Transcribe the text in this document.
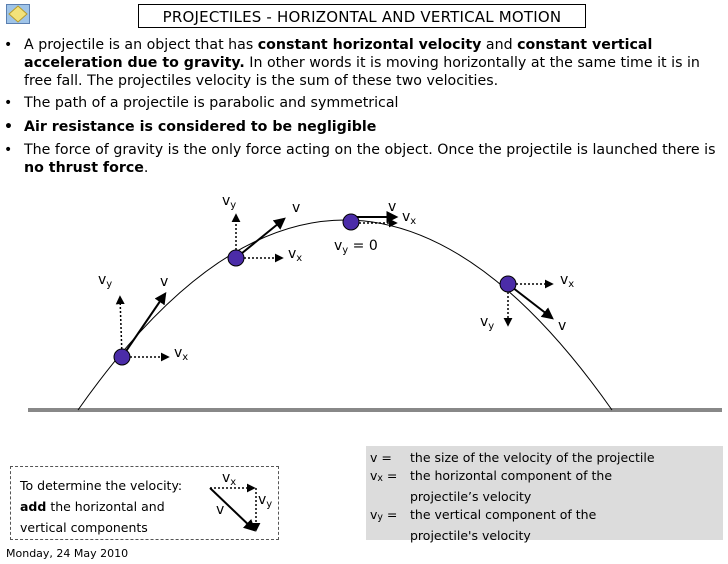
PROJECTILES - HORIZONTAL AND VERTICAL MOTION
• A projectile is an object that has constant horizontal velocity and constant vertical acceleration due to gravity. In other words it is moving horizontally at the same time it is in free fall. The projectiles velocity is the sum of these two velocities.
• The path of a projectile is parabolic and symmetrical
• Air resistance is considered to be negligible
• The force of gravity is the only force acting on the object. Once the projectile is launched there is no thrust force.
$v_y$	v
$v_x$
$v_y$	v
$v_x$
v
$v_x$
$v_y = 0$
$v_x$
$v_y$	v
To determine the velocity:
add the horizontal and
vertical components
$v_x$
$v_y$
v
v =	the size of the velocity of the projectile
$v_x$ =	the horizontal component of the
projectile’s velocity
$v_y$ =	the vertical component of the
projectile's velocity
Monday, 24 May 2010
